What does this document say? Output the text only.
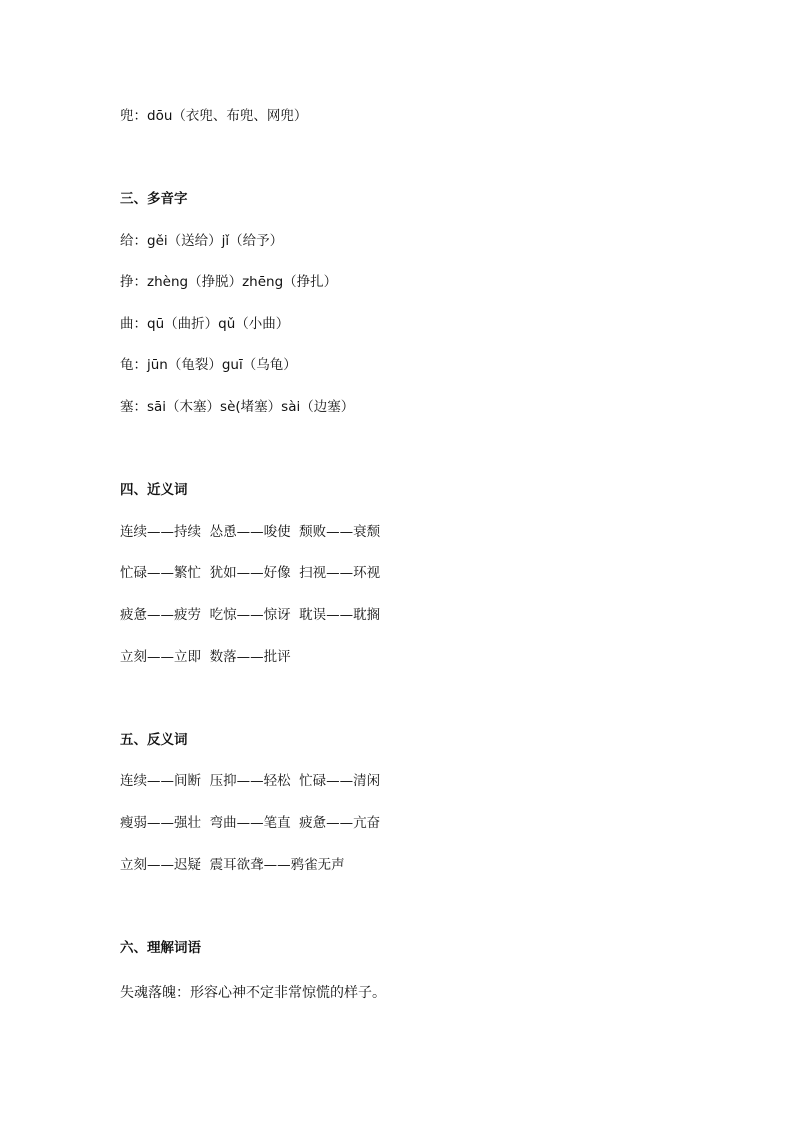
兜：dōu（衣兜、布兜、网兜）
三、多音字
给：gěi（送给）jǐ（给予）
挣：zhèng（挣脱）zhēng（挣扎）
曲：qū（曲折）qǔ（小曲）
龟：jūn（龟裂）guī（乌龟）
塞：sāi（木塞）sè(堵塞）sài（边塞）
四、近义词
连续——持续  怂恿——唆使  颓败——衰颓
忙碌——繁忙  犹如——好像  扫视——环视
疲惫——疲劳  吃惊——惊讶  耽误——耽搁
立刻——立即  数落——批评
五、反义词
连续——间断  压抑——轻松  忙碌——清闲
瘦弱——强壮  弯曲——笔直  疲惫——亢奋
立刻——迟疑  震耳欲聋——鸦雀无声
六、理解词语
失魂落魄：形容心神不定非常惊慌的样子。
